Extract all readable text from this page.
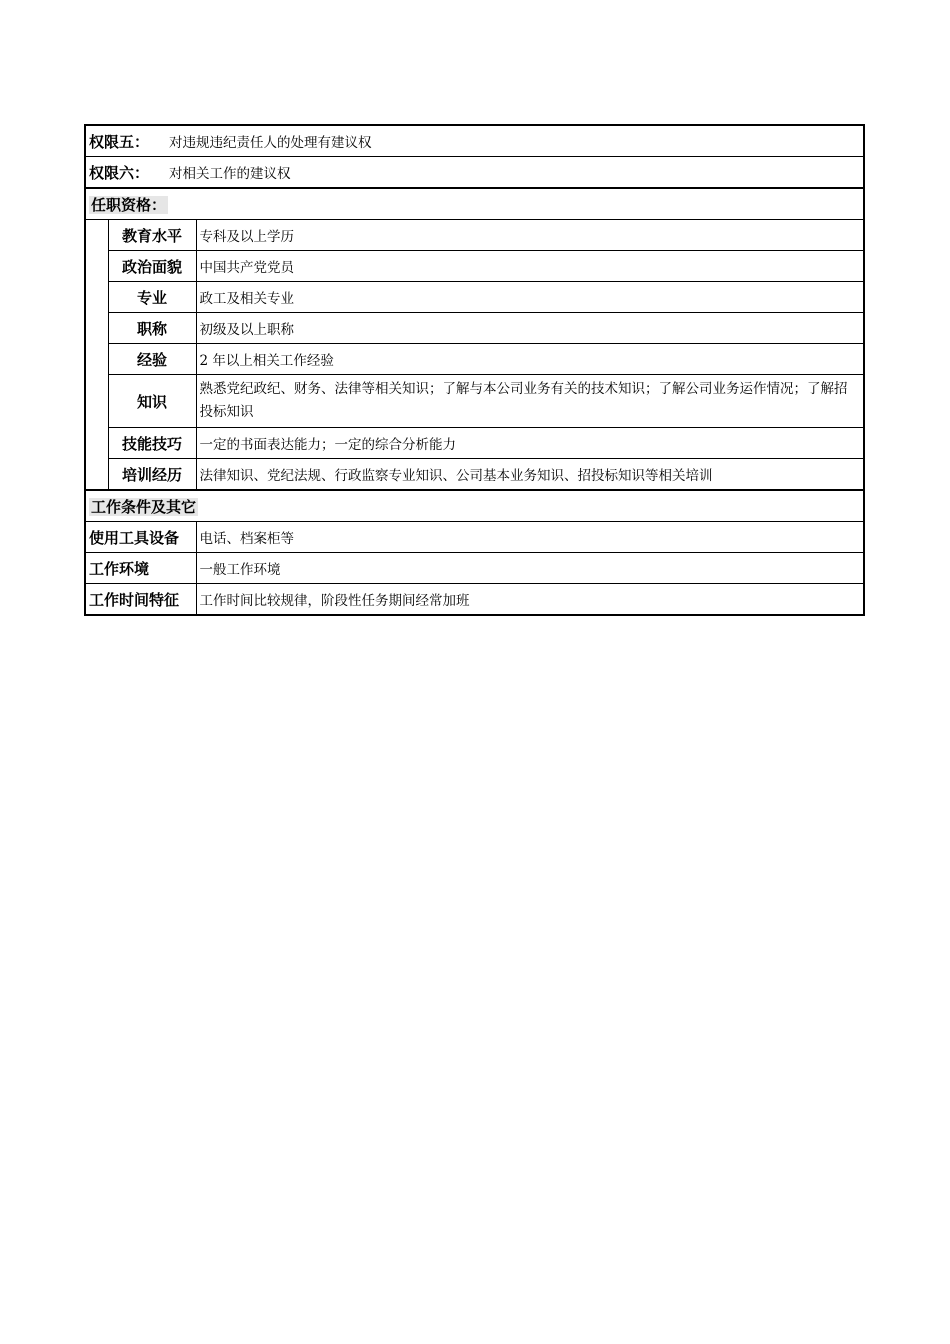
权限五： 对违规违纪责任人的处理有建议权		
权限六： 对相关工作的建议权		
任职资格：		
	教育水平	专科及以上学历
	政治面貌	中国共产党党员
	专业	政工及相关专业
	职称	初级及以上职称
	经验	2 年以上相关工作经验
	知识	熟悉党纪政纪、财务、法律等相关知识；了解与本公司业务有关的技术知识；了解公司业务运作情况；了解招投标知识
	技能技巧	一定的书面表达能力；一定的综合分析能力
	培训经历	法律知识、党纪法规、行政监察专业知识、公司基本业务知识、招投标知识等相关培训
工作条件及其它		
使用工具设备		电话、档案柜等
工作环境		一般工作环境
工作时间特征		工作时间比较规律，阶段性任务期间经常加班
